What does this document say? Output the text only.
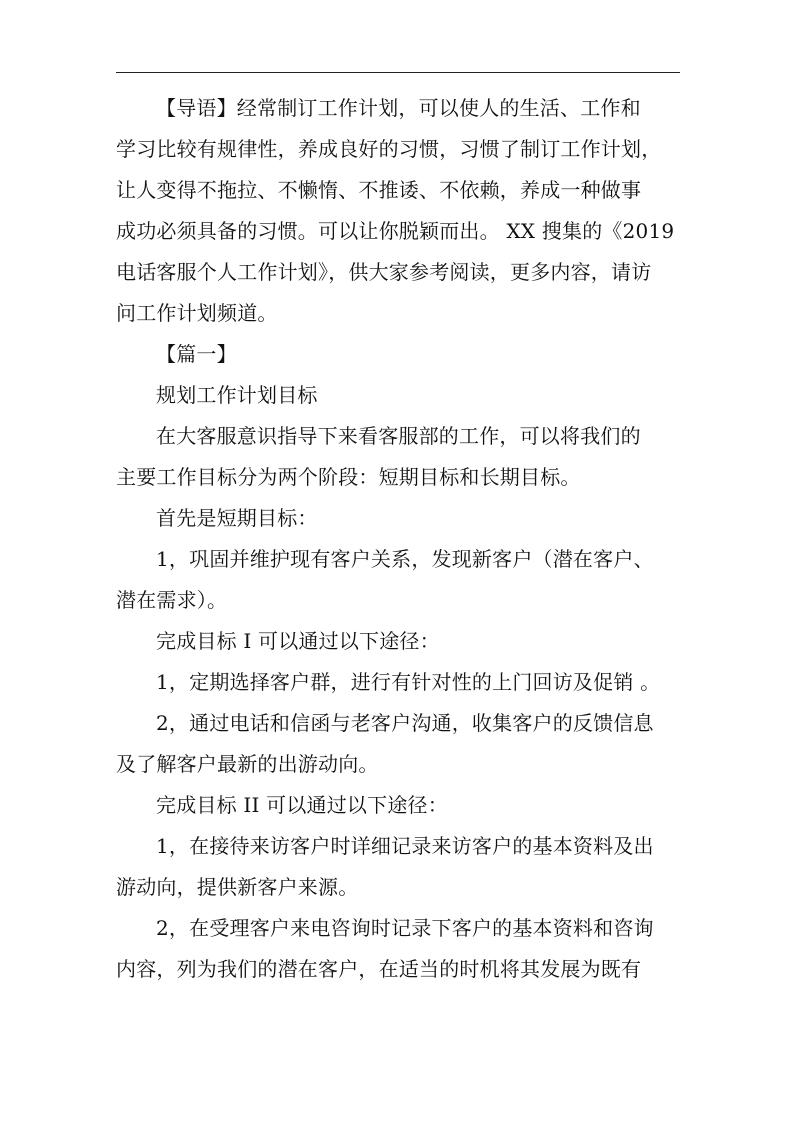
【导语】经常制订工作计划，可以使人的生活、工作和
学习比较有规律性，养成良好的习惯，习惯了制订工作计划，
让人变得不拖拉、不懒惰、不推诿、不依赖，养成一种做事
成功必须具备的习惯。可以让你脱颖而出。 XX 搜集的《2019
电话客服个人工作计划》，供大家参考阅读，更多内容，请访
问工作计划频道。
【篇一】
规划工作计划目标
在大客服意识指导下来看客服部的工作，可以将我们的
主要工作目标分为两个阶段：短期目标和长期目标。
首先是短期目标：
1，巩固并维护现有客户关系，发现新客户（潜在客户、
潜在需求）。
完成目标 I 可以通过以下途径：
1，定期选择客户群，进行有针对性的上门回访及促销 。
2，通过电话和信函与老客户沟通，收集客户的反馈信息
及了解客户最新的出游动向。
完成目标 II 可以通过以下途径：
1，在接待来访客户时详细记录来访客户的基本资料及出
游动向，提供新客户来源。
2，在受理客户来电咨询时记录下客户的基本资料和咨询
内容，列为我们的潜在客户，在适当的时机将其发展为既有
